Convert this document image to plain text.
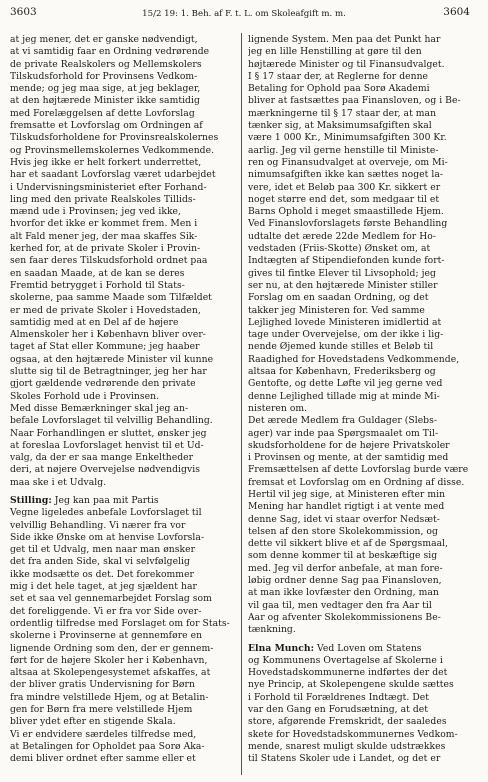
3603	15/2 19: 1. Beh. af F. t. L. om Skoleafgift m. m.	3604
at jeg mener, det er ganske nødvendigt,
at vi samtidig faar en Ordning vedrørende
de private Realskolers og Mellemskolers
Tilskudsforhold for Provinsens Vedkom-
mende; og jeg maa sige, at jeg beklager,
at den højtærede Minister ikke samtidig
med Forelæggelsen af dette Lovforslag
fremsatte et Lovforslag om Ordningen af
Tilskudsforholdene for Provinsrealskolernes
og Provinsmellemskolernes Vedkommende.
Hvis jeg ikke er helt forkert underrettet,
har et saadant Lovforslag været udarbejdet
i Undervisningsministeriet efter Forhand-
ling med den private Realskoles Tillids-
mænd ude i Provinsen; jeg ved ikke,
hvorfor det ikke er kommet frem. Men i
alt Fald mener jeg, der maa skaffes Sik-
kerhed for, at de private Skoler i Provin-
sen faar deres Tilskudsforhold ordnet paa
en saadan Maade, at de kan se deres
Fremtid betrygget i Forhold til Stats-
skolerne, paa samme Maade som Tilfældet
er med de private Skoler i Hovedstaden,
samtidig med at en Del af de højere
Almenskoler her i København bliver over-
taget af Stat eller Kommune; jeg haaber
ogsaa, at den højtærede Minister vil kunne
slutte sig til de Betragtninger, jeg her har
gjort gældende vedrørende den private
Skoles Forhold ude i Provinsen.
Med disse Bemærkninger skal jeg an-
befale Lovforslaget til velvillig Behandling.
Naar Forhandlingen er sluttet, ønsker jeg
at foreslaa Lovforslaget henvist til et Ud-
valg, da der er saa mange Enkeltheder
deri, at nøjere Overvejelse nødvendigvis
maa ske i et Udvalg.
Stilling: Jeg kan paa mit Partis
Vegne ligeledes anbefale Lovforslaget til
velvillig Behandling. Vi nærer fra vor
Side ikke Ønske om at henvise Lovforsla-
get til et Udvalg, men naar man ønsker
det fra anden Side, skal vi selvfølgelig
ikke modsætte os det. Det forekommer
mig i det hele taget, at jeg sjældent har
set et saa vel gennemarbejdet Forslag som
det foreliggende. Vi er fra vor Side over-
ordentlig tilfredse med Forslaget om for Stats-
skolerne i Provinserne at gennemføre en
lignende Ordning som den, der er gennem-
ført for de højere Skoler her i København,
altsaa at Skolepengesystemet afskaffes, at
der bliver gratis Undervisning for Børn
fra mindre velstillede Hjem, og at Betalin-
gen for Børn fra mere velstillede Hjem
bliver ydet efter en stigende Skala.
Vi er endvidere særdeles tilfredse med,
at Betalingen for Opholdet paa Sorø Aka-
demi bliver ordnet efter samme eller et
lignende System. Men paa det Punkt har
jeg en lille Henstilling at gøre til den
højtærede Minister og til Finansudvalget.
I § 17 staar der, at Reglerne for denne
Betaling for Ophold paa Sorø Akademi
bliver at fastsættes paa Finansloven, og i Be-
mærkningerne til § 17 staar der, at man
tænker sig, at Maksimumsafgiften skal
være 1 000 Kr., Minimumsafgiften 300 Kr.
aarlig. Jeg vil gerne henstille til Ministe-
ren og Finansudvalget at overveje, om Mi-
nimumsafgiften ikke kan sættes noget la-
vere, idet et Beløb paa 300 Kr. sikkert er
noget større end det, som medgaar til et
Barns Ophold i meget smaastillede Hjem.
Ved Finanslovforslagets første Behandling
udtalte det ærede 22de Medlem for Ho-
vedstaden (Friis-Skotte) Ønsket om, at
Indtægten af Stipendiefonden kunde fort-
gives til fintke Elever til Livsophold; jeg
ser nu, at den højtærede Minister stiller
Forslag om en saadan Ordning, og det
takker jeg Ministeren for. Ved samme
Lejlighed lovede Ministeren imidlertid at
tage under Overvejelse, om der ikke i lig-
nende Øjemed kunde stilles et Beløb til
Raadighed for Hovedstadens Vedkommende,
altsaa for København, Frederiksberg og
Gentofte, og dette Løfte vil jeg gerne ved
denne Lejlighed tillade mig at minde Mi-
nisteren om.
Det ærede Medlem fra Guldager (Slebs-
ager) var inde paa Spørgsmaalet om Til-
skudsforholdene for de højere Privatskoler
i Provinsen og mente, at der samtidig med
Fremsættelsen af dette Lovforslag burde være
fremsat et Lovforslag om en Ordning af disse.
Hertil vil jeg sige, at Ministeren efter min
Mening har handlet rigtigt i at vente med
denne Sag, idet vi staar overfor Nedsæt-
telsen af den store Skolekommission, og
dette vil sikkert blive et af de Spørgsmaal,
som denne kommer til at beskæftige sig
med. Jeg vil derfor anbefale, at man fore-
løbig ordner denne Sag paa Finansloven,
at man ikke lovfæster den Ordning, man
vil gaa til, men vedtager den fra Aar til
Aar og afventer Skolekommissionens Be-
tænkning.
Elna Munch: Ved Loven om Statens
og Kommunens Overtagelse af Skolerne i
Hovedstadskommunerne indførtes der det
nye Princip, at Skolepengene skulde sættes
i Forhold til Forældrenes Indtægt. Det
var den Gang en Forudsætning, at det
store, afgørende Fremskridt, der saaledes
skete for Hovedstadskommunernes Vedkom-
mende, snarest muligt skulde udstrækkes
til Statens Skoler ude i Landet, og det er
